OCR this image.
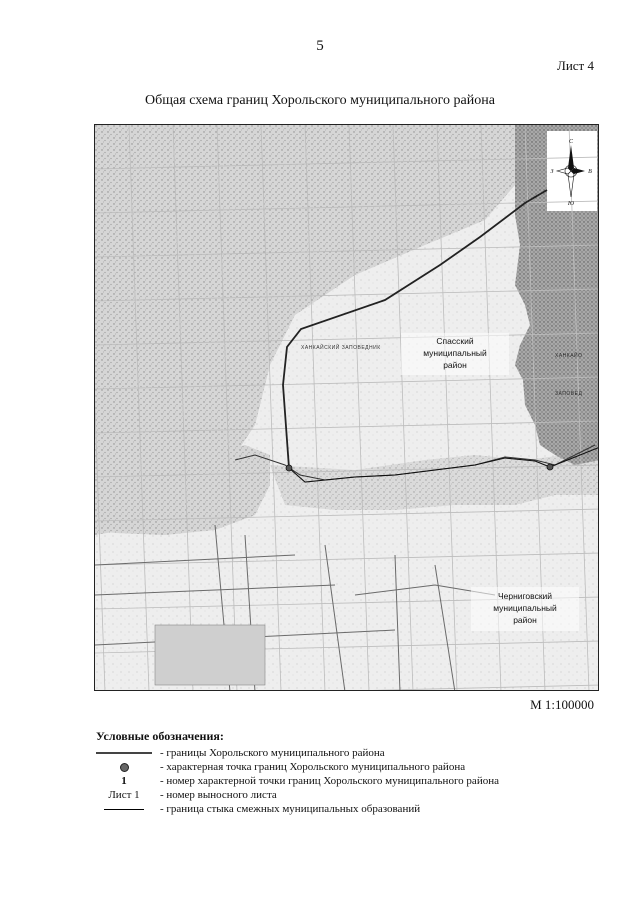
5
Лист 4
Общая схема границ Хорольского муниципального района
ХАНКАЙСКИЙ ЗАПОВЕДНИК
ХАНКАЙО
ЗАПОВЕД
Спасский
муниципальный
район
Черниговский
муниципальный
район
С
Ю
З	В
М 1:100000
Условные обозначения:
- границы Хорольского муниципального района
- характерная точка границ Хорольского муниципального района
1	- номер характерной точки границ Хорольского муниципального района
Лист 1	- номер выносного листа
- граница стыка смежных муниципальных образований
